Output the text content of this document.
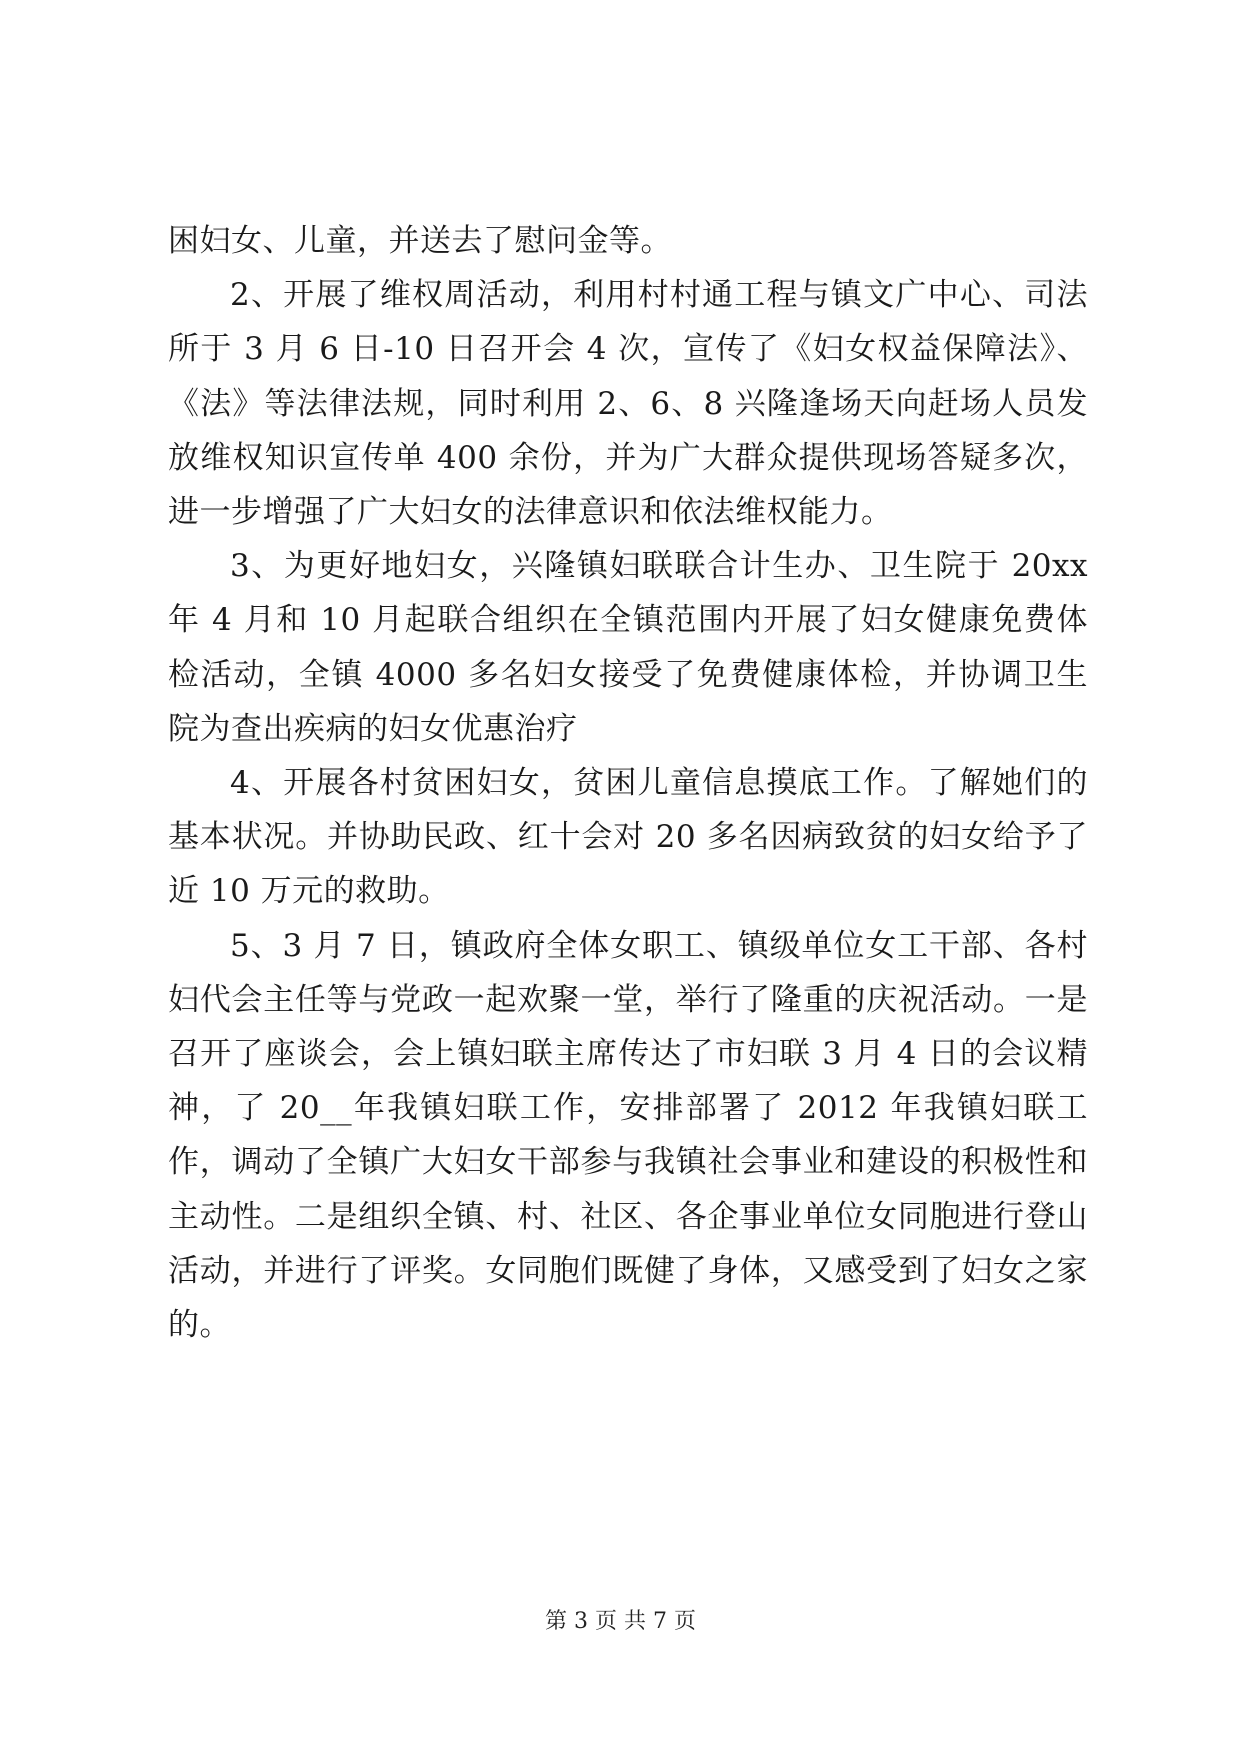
困妇女、儿童，并送去了慰问金等。

2、开展了维权周活动，利用村村通工程与镇文广中心、司法所于 3 月 6 日-10 日召开会 4 次，宣传了《妇女权益保障法》、《法》等法律法规，同时利用 2、6、8 兴隆逢场天向赶场人员发放维权知识宣传单 400 余份，并为广大群众提供现场答疑多次，进一步增强了广大妇女的法律意识和依法维权能力。

3、为更好地妇女，兴隆镇妇联联合计生办、卫生院于 20xx 年 4 月和 10 月起联合组织在全镇范围内开展了妇女健康免费体检活动，全镇 4000 多名妇女接受了免费健康体检，并协调卫生院为查出疾病的妇女优惠治疗

4、开展各村贫困妇女，贫困儿童信息摸底工作。了解她们的基本状况。并协助民政、红十会对 20 多名因病致贫的妇女给予了近 10 万元的救助。

5、3 月 7 日，镇政府全体女职工、镇级单位女工干部、各村妇代会主任等与党政一起欢聚一堂，举行了隆重的庆祝活动。一是召开了座谈会，会上镇妇联主席传达了市妇联 3 月 4 日的会议精神，了 20__年我镇妇联工作，安排部署了 2012 年我镇妇联工作，调动了全镇广大妇女干部参与我镇社会事业和建设的积极性和主动性。二是组织全镇、村、社区、各企事业单位女同胞进行登山活动，并进行了评奖。女同胞们既健了身体，又感受到了妇女之家的。

第 3 页 共 7 页
